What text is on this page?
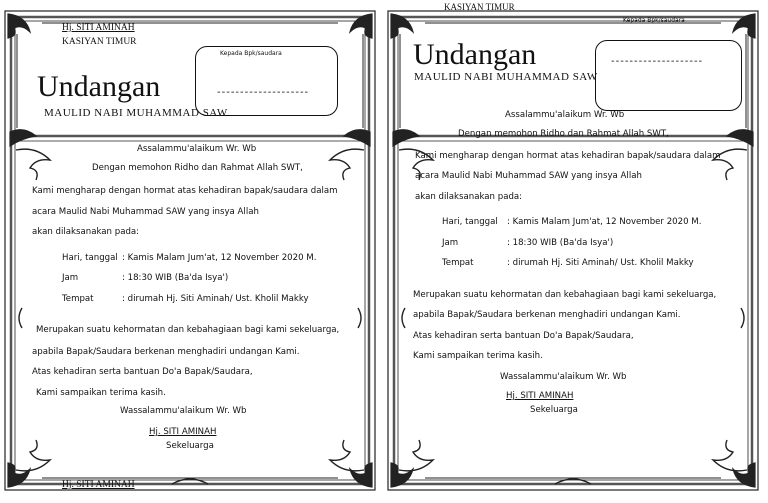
KASIYAN TIMUR
Hj. SITI AMINAH
KASIYAN TIMUR
Kepada Bpk/saudara
--------------------
Undangan
MAULID NABI MUHAMMAD SAW
Assalammu'alaikum Wr. Wb
Dengan memohon Ridho dan Rahmat Allah SWT,
Kami mengharap dengan hormat atas kehadiran bapak/saudara dalam
acara Maulid Nabi Muhammad SAW yang insya Allah
akan dilaksanakan pada:
Hari, tanggal : Kamis Malam Jum'at, 12 November 2020 M.
Jam	: 18:30 WIB (Ba'da Isya')
Tempat	: dirumah Hj. Siti Aminah/ Ust. Kholil Makky
Merupakan suatu kehormatan dan kebahagiaan bagi kami sekeluarga,
apabila Bapak/Saudara berkenan menghadiri undangan Kami.
Atas kehadiran serta bantuan Do'a Bapak/Saudara,
Kami sampaikan terima kasih.
Wassalammu'alaikum Wr. Wb
Hj. SITI AMINAH
Sekeluarga
Hj. SITI AMINAH
Kepada Bpk/saudara
--------------------
Undangan
MAULID NABI MUHAMMAD SAW
Assalammu'alaikum Wr. Wb
Dengan memohon Ridho dan Rahmat Allah SWT,
Kami mengharap dengan hormat atas kehadiran bapak/saudara dalam
acara Maulid Nabi Muhammad SAW yang insya Allah
akan dilaksanakan pada:
Hari, tanggal : Kamis Malam Jum'at, 12 November 2020 M.
Jam	: 18:30 WIB (Ba'da Isya')
Tempat	: dirumah Hj. Siti Aminah/ Ust. Kholil Makky
Merupakan suatu kehormatan dan kebahagiaan bagi kami sekeluarga,
apabila Bapak/Saudara berkenan menghadiri undangan Kami.
Atas kehadiran serta bantuan Do'a Bapak/Saudara,
Kami sampaikan terima kasih.
Wassalammu'alaikum Wr. Wb
Hj. SITI AMINAH
Sekeluarga
